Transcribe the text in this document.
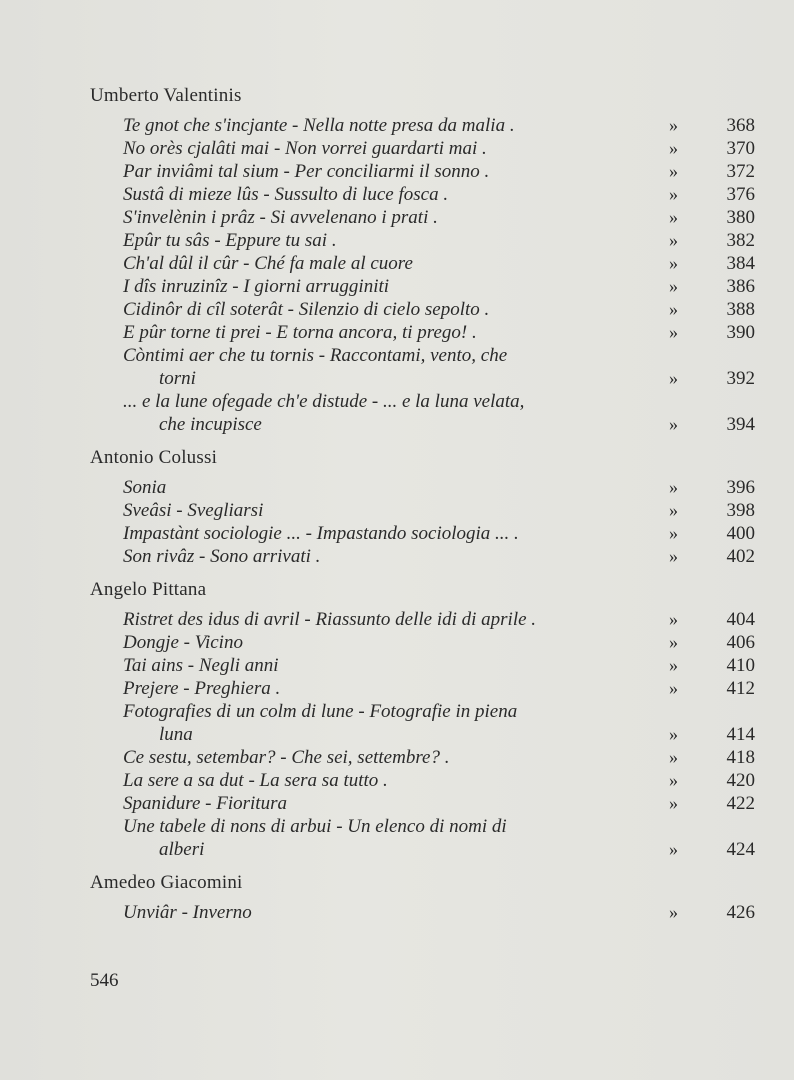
Umberto Valentinis
Te gnot che s'incjante - Nella notte presa da malia .	»	368
No orès cjalâti mai - Non vorrei guardarti mai .	»	370
Par inviâmi tal sium - Per conciliarmi il sonno .	»	372
Sustâ di mieze lûs - Sussulto di luce fosca .	»	376
S'invelènin i prâz - Si avvelenano i prati .	»	380
Epûr tu sâs - Eppure tu sai .	»	382
Ch'al dûl il cûr - Ché fa male al cuore	»	384
I dîs inruzinîz - I giorni arrugginiti	»	386
Cidinôr di cîl soterât - Silenzio di cielo sepolto .	»	388
E pûr torne ti prei - E torna ancora, ti prego! .	»	390
Còntimi aer che tu tornis - Raccontami, vento, che
torni	»	392
... e la lune ofegade ch'e distude - ... e la luna velata,
che incupisce	»	394
Antonio Colussi
Sonia	»	396
Sveâsi - Svegliarsi	»	398
Impastànt sociologie ... - Impastando sociologia ... .	»	400
Son rivâz - Sono arrivati .	»	402
Angelo Pittana
Ristret des idus di avril - Riassunto delle idi di aprile .	»	404
Dongje - Vicino	»	406
Tai ains - Negli anni	»	410
Prejere - Preghiera .	»	412
Fotografies di un colm di lune - Fotografie in piena
luna	»	414
Ce sestu, setembar? - Che sei, settembre? .	»	418
La sere a sa dut - La sera sa tutto .	»	420
Spanidure - Fioritura	»	422
Une tabele di nons di arbui - Un elenco di nomi di
alberi	»	424
Amedeo Giacomini
Unviâr - Inverno	»	426
546
